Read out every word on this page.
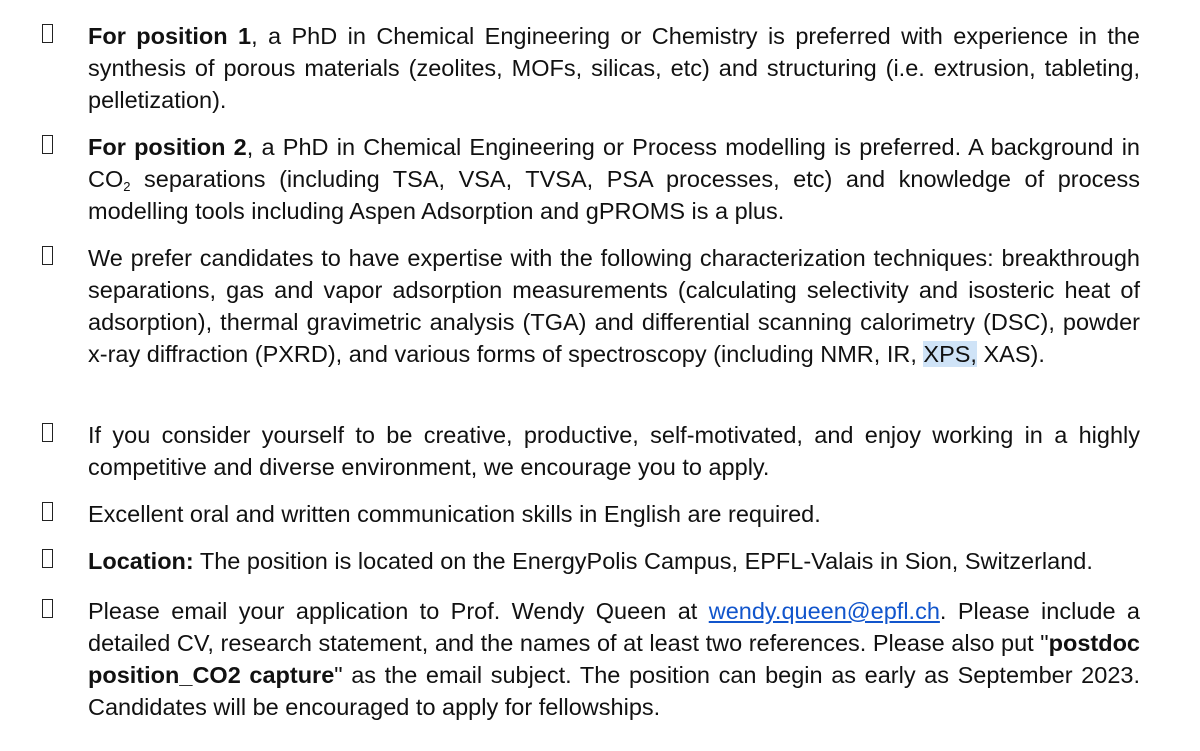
For position 1, a PhD in Chemical Engineering or Chemistry is preferred with experience in the synthesis of porous materials (zeolites, MOFs, silicas, etc) and structuring (i.e. extrusion, tableting, pelletization).
For position 2, a PhD in Chemical Engineering or Process modelling is preferred. A background in $CO_2$ separations (including TSA, VSA, TVSA, PSA processes, etc) and knowledge of process modelling tools including Aspen Adsorption and gPROMS is a plus.
We prefer candidates to have expertise with the following characterization techniques: breakthrough separations, gas and vapor adsorption measurements (calculating selectivity and isosteric heat of adsorption), thermal gravimetric analysis (TGA) and differential scanning calorimetry (DSC), powder x-ray diffraction (PXRD), and various forms of spectroscopy (including NMR, IR, XPS, XAS).
If you consider yourself to be creative, productive, self-motivated, and enjoy working in a highly competitive and diverse environment, we encourage you to apply.
Excellent oral and written communication skills in English are required.
Location: The position is located on the EnergyPolis Campus, EPFL-Valais in Sion, Switzerland.
Please email your application to Prof. Wendy Queen at wendy.queen@epfl.ch. Please include a detailed CV, research statement, and the names of at least two references. Please also put "postdoc position_CO2 capture" as the email subject. The position can begin as early as September 2023. Candidates will be encouraged to apply for fellowships.
